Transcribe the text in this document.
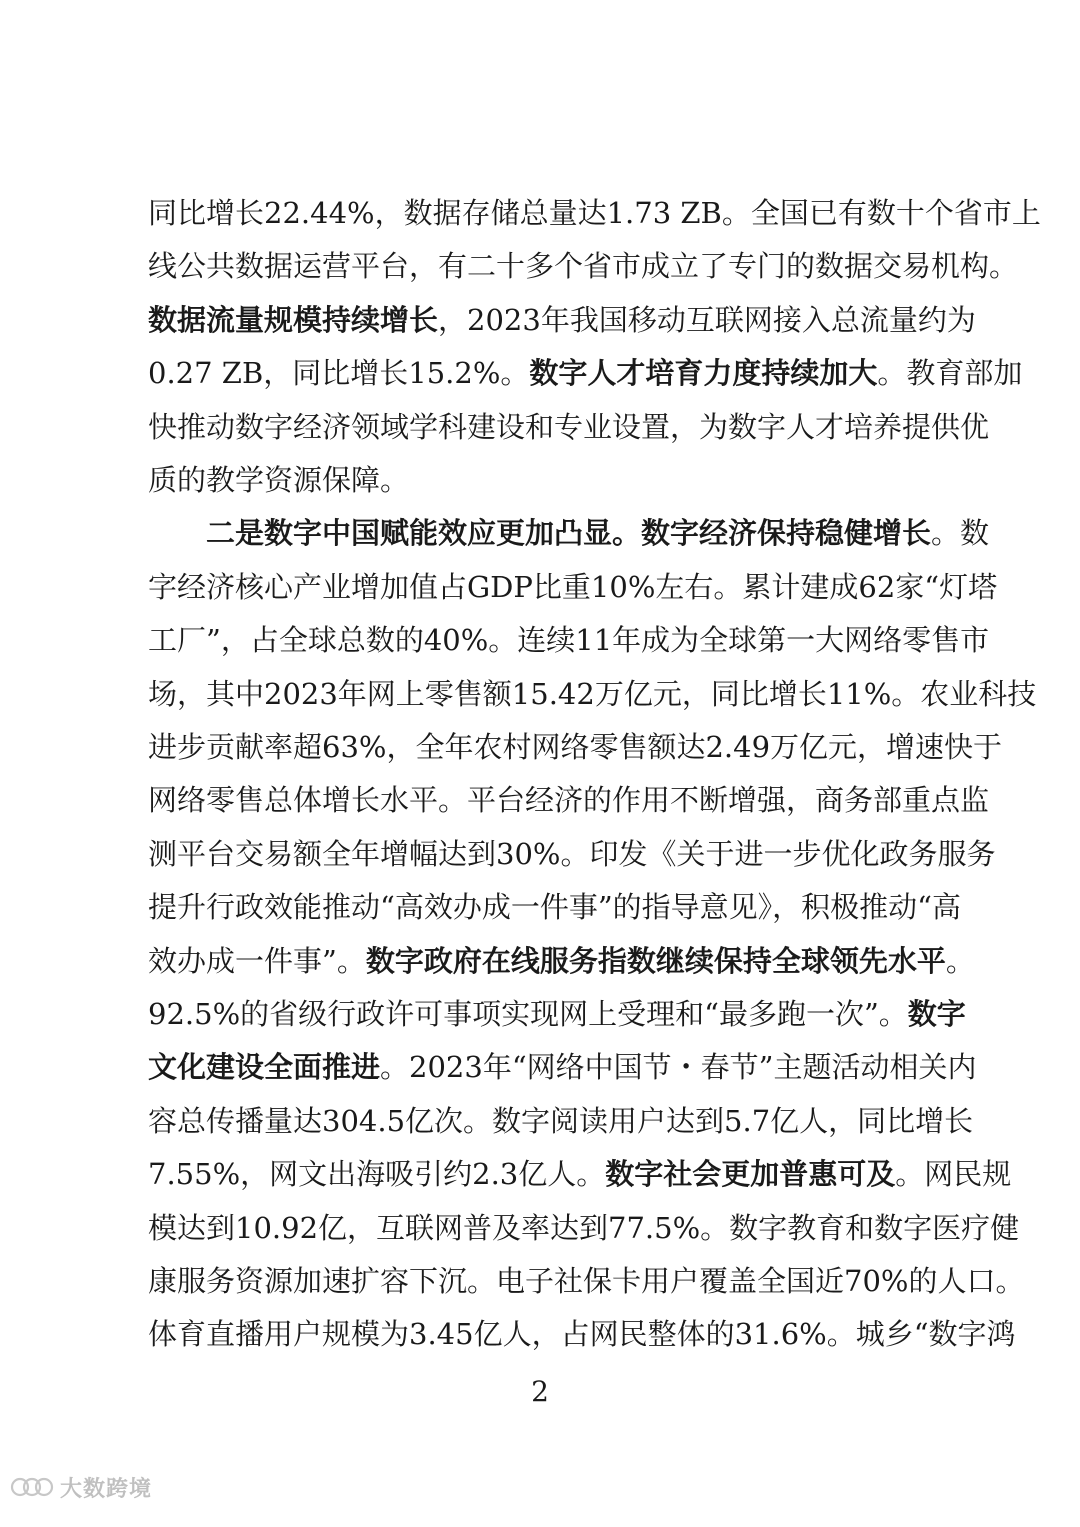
同比增长22.44%，数据存储总量达1.73 ZB。全国已有数十个省市上
线公共数据运营平台，有二十多个省市成立了专门的数据交易机构。
数据流量规模持续增长，2023年我国移动互联网接入总流量约为
0.27 ZB，同比增长15.2%。数字人才培育力度持续加大。教育部加
快推动数字经济领域学科建设和专业设置，为数字人才培养提供优
质的教学资源保障。
二是数字中国赋能效应更加凸显。数字经济保持稳健增长。数
字经济核心产业增加值占GDP比重10%左右。累计建成62家“灯塔
工厂”，占全球总数的40%。连续11年成为全球第一大网络零售市
场，其中2023年网上零售额15.42万亿元，同比增长11%。农业科技
进步贡献率超63%，全年农村网络零售额达2.49万亿元，增速快于
网络零售总体增长水平。平台经济的作用不断增强，商务部重点监
测平台交易额全年增幅达到30%。印发《关于进一步优化政务服务
提升行政效能推动“高效办成一件事”的指导意见》，积极推动“高
效办成一件事”。数字政府在线服务指数继续保持全球领先水平。
92.5%的省级行政许可事项实现网上受理和“最多跑一次”。数字
文化建设全面推进。2023年“网络中国节・春节”主题活动相关内
容总传播量达304.5亿次。数字阅读用户达到5.7亿人，同比增长
7.55%，网文出海吸引约2.3亿人。数字社会更加普惠可及。网民规
模达到10.92亿，互联网普及率达到77.5%。数字教育和数字医疗健
康服务资源加速扩容下沉。电子社保卡用户覆盖全国近70%的人口。
体育直播用户规模为3.45亿人，占网民整体的31.6%。城乡“数字鸿
2
大数跨境
